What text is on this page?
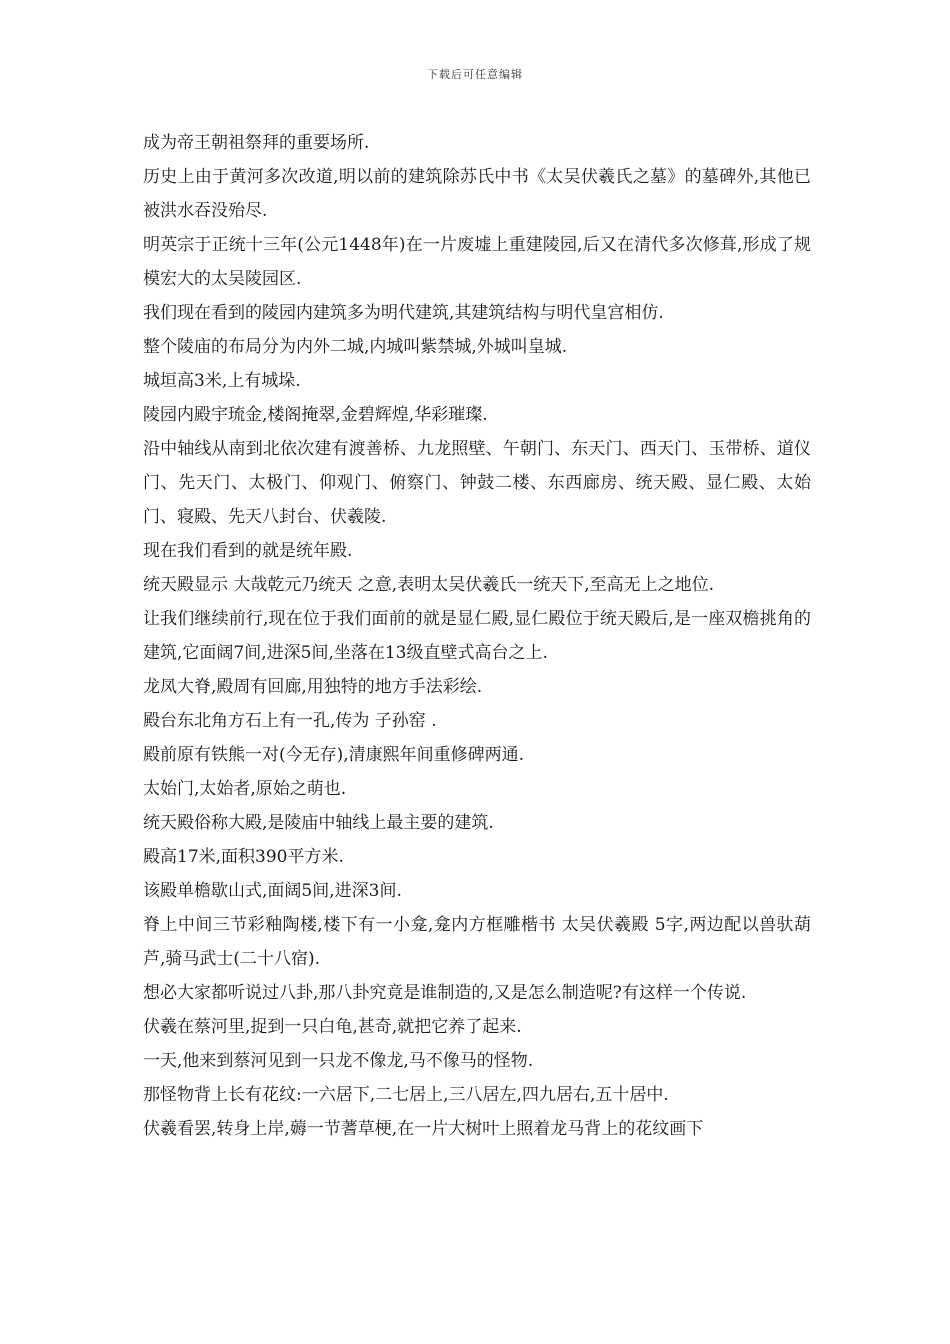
下载后可任意编辑

成为帝王朝祖祭拜的重要场所.

历史上由于黄河多次改道,明以前的建筑除苏氏中书《太吴伏羲氏之墓》的墓碑外,其他已被洪水吞没殆尽.

明英宗于正统十三年(公元1448年)在一片废墟上重建陵园,后又在清代多次修葺,形成了规模宏大的太吴陵园区.

我们现在看到的陵园内建筑多为明代建筑,其建筑结构与明代皇宫相仿.

整个陵庙的布局分为内外二城,内城叫紫禁城,外城叫皇城.

城垣高3米,上有城垛.

陵园内殿宇琉金,楼阁掩翠,金碧辉煌,华彩璀璨.

沿中轴线从南到北依次建有渡善桥、九龙照壁、午朝门、东天门、西天门、玉带桥、道仪门、先天门、太极门、仰观门、俯察门、钟鼓二楼、东西廊房、统天殿、显仁殿、太始门、寝殿、先天八封台、伏羲陵.

现在我们看到的就是统年殿.

统天殿显示 大哉乾元乃统天 之意,表明太吴伏羲氏一统天下,至高无上之地位.

让我们继续前行,现在位于我们面前的就是显仁殿,显仁殿位于统天殿后,是一座双檐挑角的建筑,它面阔7间,进深5间,坐落在13级直壁式高台之上.

龙凤大脊,殿周有回廊,用独特的地方手法彩绘.

殿台东北角方石上有一孔,传为 子孙窑 .

殿前原有铁熊一对(今无存),清康熙年间重修碑两通.

太始门,太始者,原始之萌也.

统天殿俗称大殿,是陵庙中轴线上最主要的建筑.

殿高17米,面积390平方米.

该殿单檐歇山式,面阔5间,进深3间.

脊上中间三节彩釉陶楼,楼下有一小龛,龛内方框雕楷书 太吴伏羲殿 5字,两边配以兽驮葫芦,骑马武士(二十八宿).

想必大家都听说过八卦,那八卦究竟是谁制造的,又是怎么制造呢?有这样一个传说.

伏羲在蔡河里,捉到一只白龟,甚奇,就把它养了起来.

一天,他来到蔡河见到一只龙不像龙,马不像马的怪物.

那怪物背上长有花纹:一六居下,二七居上,三八居左,四九居右,五十居中.

伏羲看罢,转身上岸,薅一节蓍草梗,在一片大树叶上照着龙马背上的花纹画下
